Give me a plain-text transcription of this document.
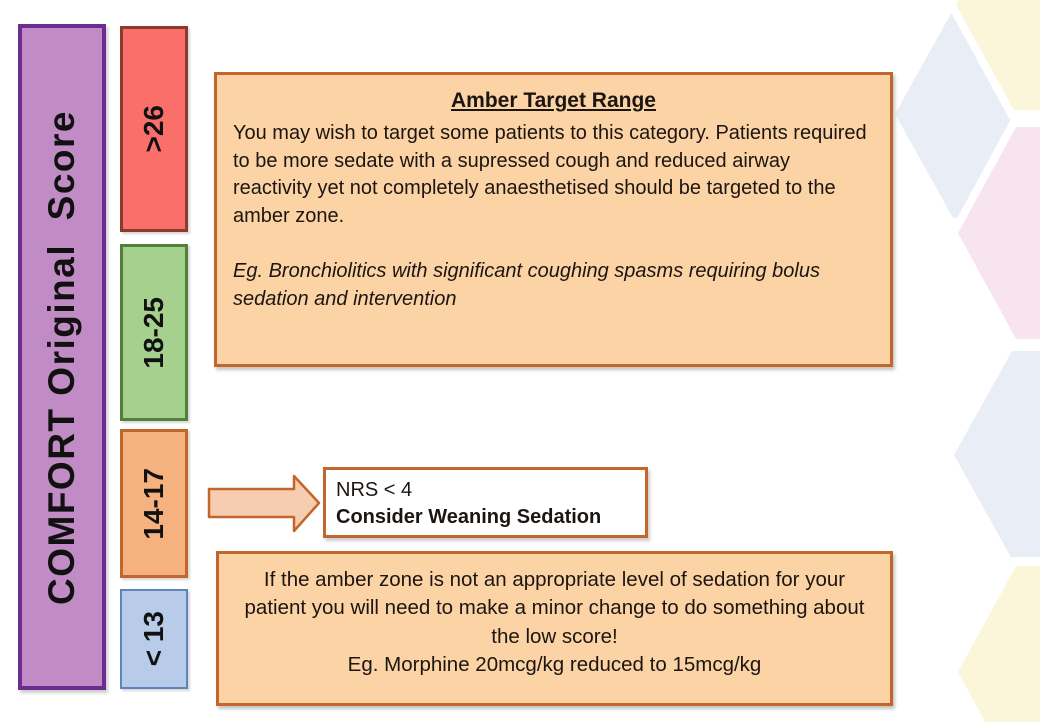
COMFORT Original  Score >26
18-25
14-17
< 13
Amber Target Range
You may wish to target some patients to this category. Patients required to be more sedate with a supressed cough and reduced airway reactivity yet not completely anaesthetised should be targeted to the amber zone.
Eg. Bronchiolitics with significant coughing spasms requiring bolus sedation and intervention
NRS < 4
Consider Weaning Sedation
If the amber zone is not an appropriate level of sedation for your patient you will need to make a minor change to do something about the low score!
Eg. Morphine 20mcg/kg reduced to 15mcg/kg
